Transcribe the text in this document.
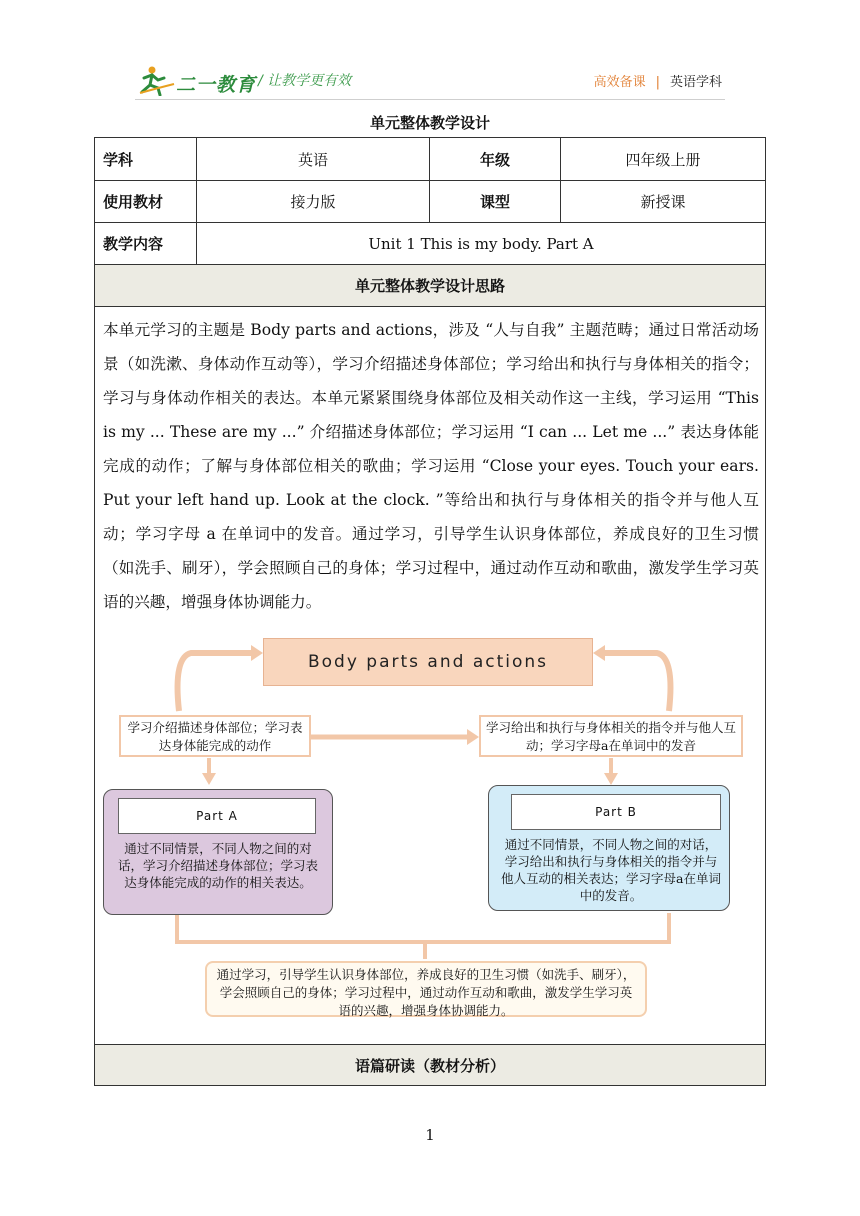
二一教育 / 让教学更有效	高效备课 | 英语学科
单元整体教学设计
学科	英语	年级	四年级上册
使用教材	接力版	课型	新授课
教学内容	Unit 1 This is my body. Part A
单元整体教学设计思路
本单元学习的主题是 Body parts and actions，涉及 “人与自我” 主题范畴；通过日常活动场景（如洗漱、身体动作互动等），学习介绍描述身体部位；学习给出和执行与身体相关的指令；学习与身体动作相关的表达。本单元紧紧围绕身体部位及相关动作这一主线，学习运用 “This is my ... These are my ...” 介绍描述身体部位；学习运用 “I can ... Let me ...” 表达身体能完成的动作；了解与身体部位相关的歌曲；学习运用 “Close your eyes. Touch your ears. Put your left hand up. Look at the clock. ”等给出和执行与身体相关的指令并与他人互动；学习字母 a 在单词中的发音。通过学习，引导学生认识身体部位，养成良好的卫生习惯（如洗手、刷牙），学会照顾自己的身体；学习过程中，通过动作互动和歌曲，激发学生学习英语的兴趣，增强身体协调能力。
Body parts and actions
学习介绍描述身体部位；学习表达身体能完成的动作
学习给出和执行与身体相关的指令并与他人互动；学习字母a在单词中的发音
Part A
通过不同情景，不同人物之间的对话，学习介绍描述身体部位；学习表达身体能完成的动作的相关表达。
Part B
通过不同情景，不同人物之间的对话，学习给出和执行与身体相关的指令并与他人互动的相关表达；学习字母a在单词中的发音。
通过学习，引导学生认识身体部位，养成良好的卫生习惯（如洗手、刷牙），学会照顾自己的身体；学习过程中，通过动作互动和歌曲，激发学生学习英语的兴趣，增强身体协调能力。
语篇研读（教材分析）
1
